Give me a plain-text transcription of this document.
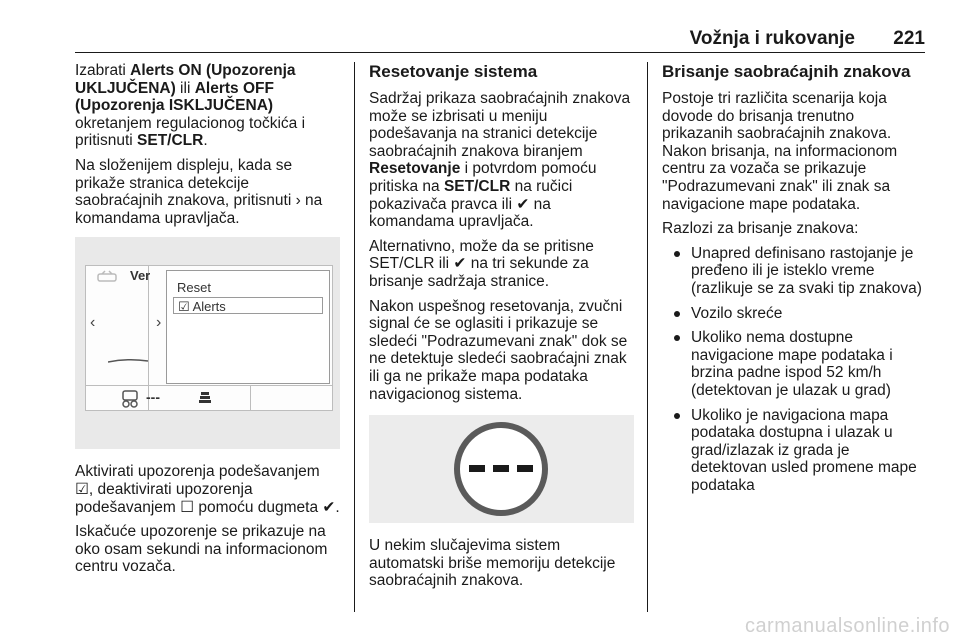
Vožnja i rukovanje 221

Izabrati Alerts ON (Upozorenja UKLJUČENA) ili Alerts OFF (Upozorenja ISKLJUČENA) okretanjem regulacionog točkića i pritisnuti SET/CLR.

Na složenijem displeju, kada se prikaže stranica detekcije saobraćajnih znakova, pritisnuti › na komandama upravljača.

Ver
‹	›
Reset
☑ Alerts
---

Aktivirati upozorenja podešavanjem ☑, deaktivirati upozorenja podešavanjem ☐ pomoću dugmeta ✔.

Iskačuće upozorenje se prikazuje na oko osam sekundi na informacionom centru vozača.

Resetovanje sistema

Sadržaj prikaza saobraćajnih znakova može se izbrisati u meniju podešavanja na stranici detekcije saobraćajnih znakova biranjem Resetovanje i potvrdom pomoću pritiska na SET/CLR na ručici pokazivača pravca ili ✔ na komandama upravljača.

Alternativno, može da se pritisne SET/CLR ili ✔ na tri sekunde za brisanje sadržaja stranice.

Nakon uspešnog resetovanja, zvučni signal će se oglasiti i prikazuje se sledeći "Podrazumevani znak" dok se ne detektuje sledeći saobraćajni znak ili ga ne prikaže mapa podataka navigacionog sistema.

U nekim slučajevima sistem automatski briše memoriju detekcije saobraćajnih znakova.

Brisanje saobraćajnih znakova

Postoje tri različita scenarija koja dovode do brisanja trenutno prikazanih saobraćajnih znakova. Nakon brisanja, na informacionom centru za vozača se prikazuje "Podrazumevani znak" ili znak sa navigacione mape podataka.

Razlozi za brisanje znakova:

Unapred definisano rastojanje je pređeno ili je isteklo vreme (razlikuje se za svaki tip znakova)
Vozilo skreće
Ukoliko nema dostupne navigacione mape podataka i brzina padne ispod 52 km/h (detektovan je ulazak u grad)
Ukoliko je navigaciona mapa podataka dostupna i ulazak u grad/izlazak iz grada je detektovan usled promene mape podataka
carmanualsonline.info
